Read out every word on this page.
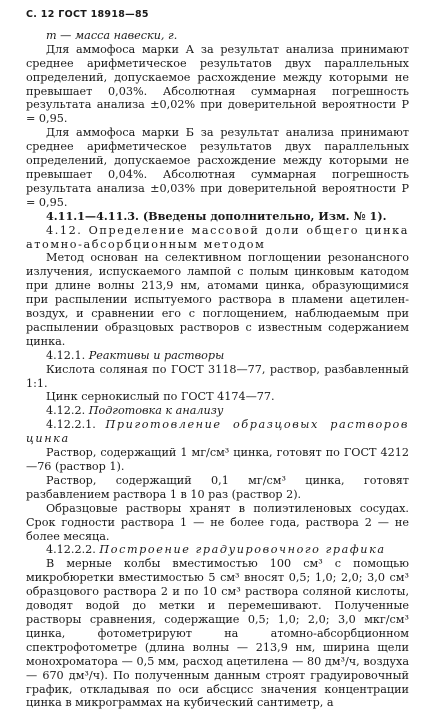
С. 12 ГОСТ 18918—85

m — масса навески, г.

Для аммофоса марки А за результат анализа принимают среднее арифметическое результатов двух параллельных определений, допускаемое расхождение между которыми не превышает 0,03%. Абсолютная суммарная погрешность результата анализа ±0,02% при доверительной вероятности P = 0,95.

Для аммофоса марки Б за результат анализа принимают среднее арифметическое результатов двух параллельных определений, допускаемое расхождение между которыми не превышает 0,04%. Абсолютная суммарная погрешность результата анализа ±0,03% при доверительной вероятности P = 0,95.

4.11.1—4.11.3. (Введены дополнительно, Изм. № 1).

4.12. Определение массовой доли общего цинка атомно-абсорбционным методом

Метод основан на селективном поглощении резонансного излучения, испускаемого лампой с полым цинковым катодом при длине волны 213,9 нм, атомами цинка, образующимися при распылении испытуемого раствора в пламени ацетилен-воздух, и сравнении его с поглощением, наблюдаемым при распылении образцовых растворов с известным содержанием цинка.

4.12.1. Реактивы и растворы

Кислота соляная по ГОСТ 3118—77, раствор, разбавленный 1:1.

Цинк сернокислый по ГОСТ 4174—77.

4.12.2. Подготовка к анализу

4.12.2.1. Приготовление образцовых растворов цинка

Раствор, содержащий 1 мг/см³ цинка, готовят по ГОСТ 4212—76 (раствор 1).

Раствор, содержащий 0,1 мг/см³ цинка, готовят разбавлением раствора 1 в 10 раз (раствор 2).

Образцовые растворы хранят в полиэтиленовых сосудах. Срок годности раствора 1 — не более года, раствора 2 — не более месяца.

4.12.2.2. Построение градуировочного графика

В мерные колбы вместимостью 100 см³ с помощью микробюретки вместимостью 5 см³ вносят 0,5; 1,0; 2,0; 3,0 см³ образцового раствора 2 и по 10 см³ раствора соляной кислоты, доводят водой до метки и перемешивают. Полученные растворы сравнения, содержащие 0,5; 1,0; 2,0; 3,0 мкг/см³ цинка, фотометрируют на атомно-абсорбционном спектрофотометре (длина волны — 213,9 нм, ширина щели монохроматора — 0,5 мм, расход ацетилена — 80 дм³/ч, воздуха — 670 дм³/ч). По полученным данным строят градуировочный график, откладывая по оси абсцисс значения концентрации цинка в микрограммах на кубический сантиметр, а
